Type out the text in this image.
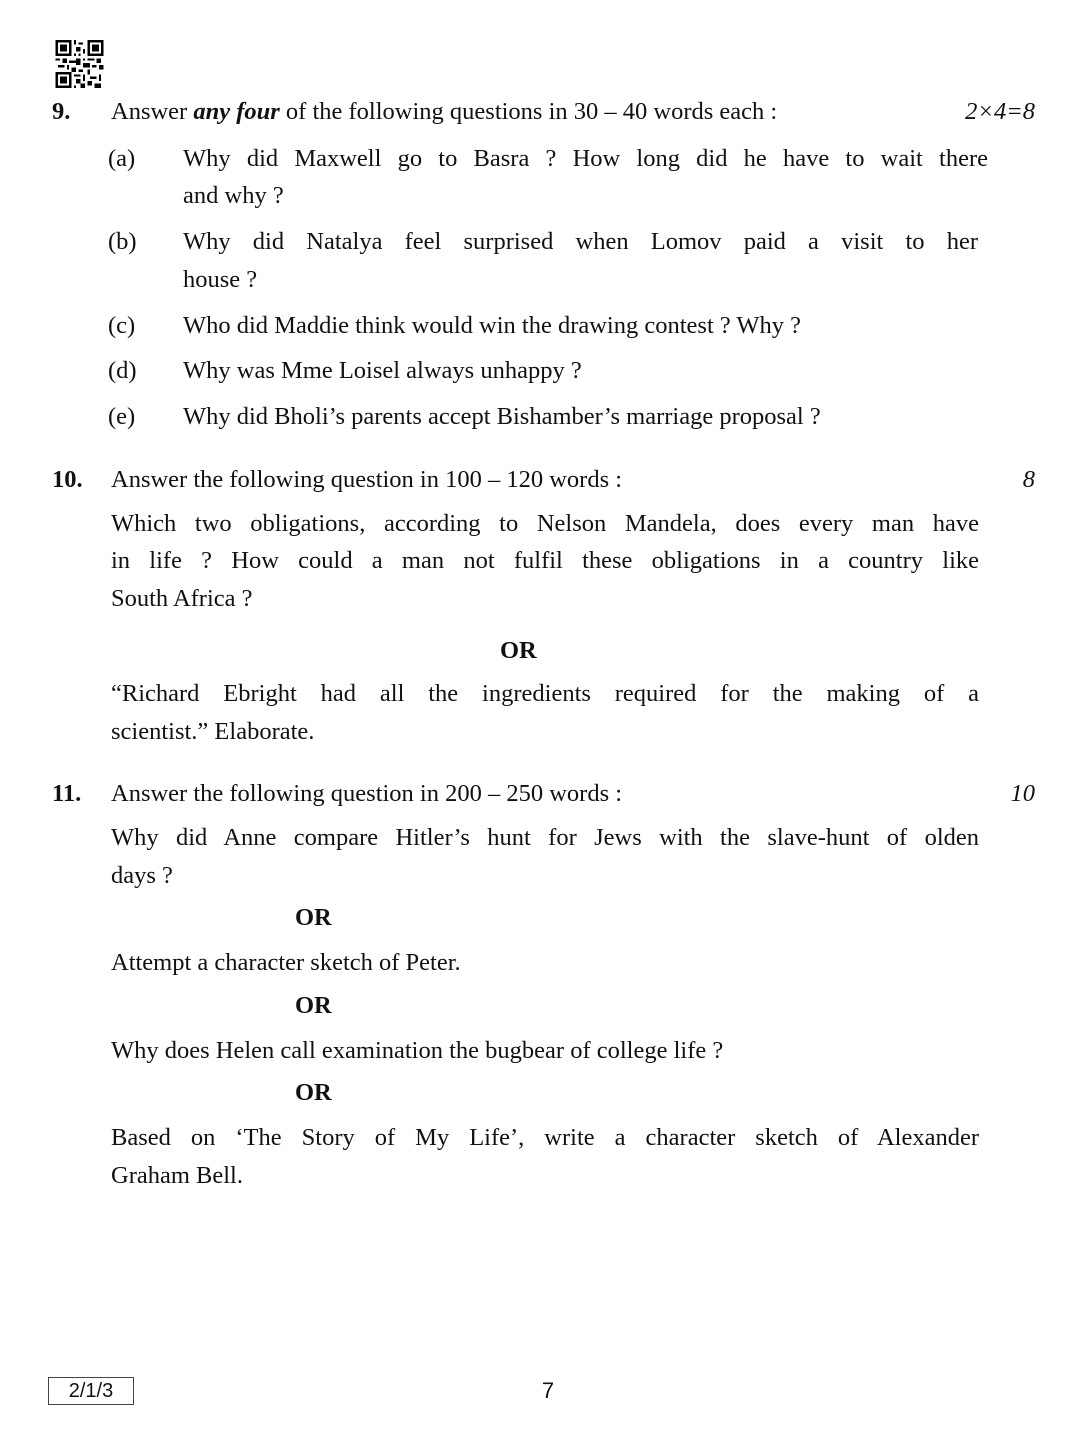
9. Answer any four of the following questions in 30 – 40 words each :	2×4=8
(a) Why did Maxwell go to Basra ? How long did he have to wait there
and why ?
(b) Why did Natalya feel surprised when Lomov paid a visit to her
house ?
(c) Who did Maddie think would win the drawing contest ? Why ?
(d) Why was Mme Loisel always unhappy ?
(e) Why did Bholi’s parents accept Bishamber’s marriage proposal ?
10. Answer the following question in 100 – 120 words :	8
Which two obligations, according to Nelson Mandela, does every man have
in life ? How could a man not fulfil these obligations in a country like
South Africa ?
OR
“Richard Ebright had all the ingredients required for the making of a
scientist.” Elaborate.
11. Answer the following question in 200 – 250 words :	10
Why did Anne compare Hitler’s hunt for Jews with the slave-hunt of olden
days ?
OR
Attempt a character sketch of Peter.
OR
Why does Helen call examination the bugbear of college life ?
OR
Based on ‘The Story of My Life’, write a character sketch of Alexander
Graham Bell.
2/1/3	7
